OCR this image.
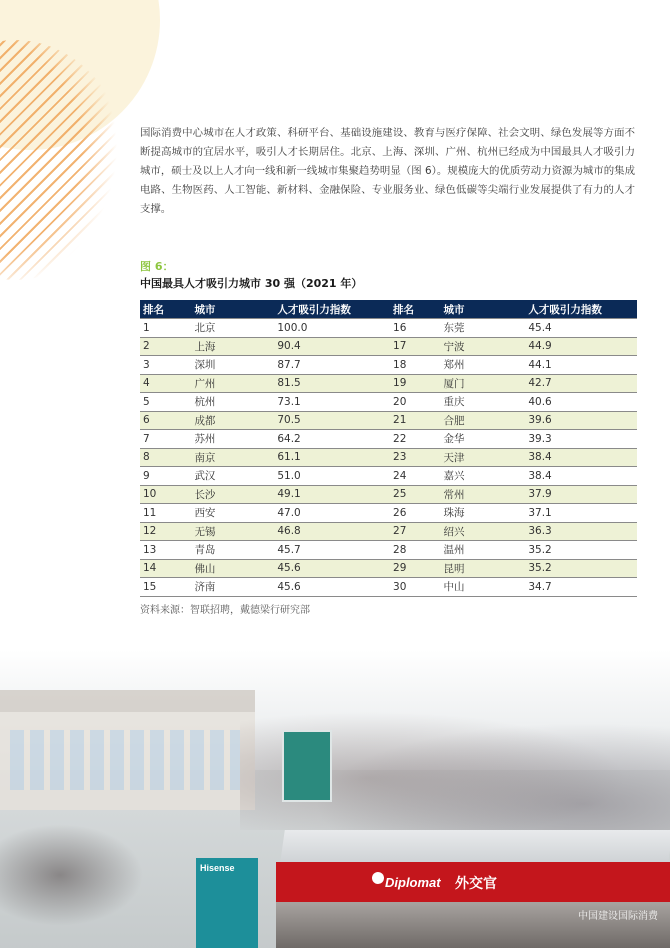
国际消费中心城市在人才政策、科研平台、基础设施建设、教育与医疗保障、社会文明、绿色发展等方面不断提高城市的宜居水平，吸引人才长期居住。北京、上海、深圳、广州、杭州已经成为中国最具人才吸引力城市，硕士及以上人才向一线和新一线城市集聚趋势明显（图 6）。规模庞大的优质劳动力资源为城市的集成电路、生物医药、人工智能、新材料、金融保险、专业服务业、绿色低碳等尖端行业发展提供了有力的人才支撑。

图 6：
中国最具人才吸引力城市 30 强（2021 年）
排名	城市	人才吸引力指数	排名	城市	人才吸引力指数
1	北京	100.0	16	东莞	45.4
2	上海	90.4	17	宁波	44.9
3	深圳	87.7	18	郑州	44.1
4	广州	81.5	19	厦门	42.7
5	杭州	73.1	20	重庆	40.6
6	成都	70.5	21	合肥	39.6
7	苏州	64.2	22	金华	39.3
8	南京	61.1	23	天津	38.4
9	武汉	51.0	24	嘉兴	38.4
10	长沙	49.1	25	常州	37.9
11	西安	47.0	26	珠海	37.1
12	无锡	46.8	27	绍兴	36.3
13	青岛	45.7	28	温州	35.2
14	佛山	45.6	29	昆明	35.2
15	济南	45.6	30	中山	34.7
资料来源：智联招聘，戴德梁行研究部
Hisense
Diplomat 外交官
中国建设国际消费
